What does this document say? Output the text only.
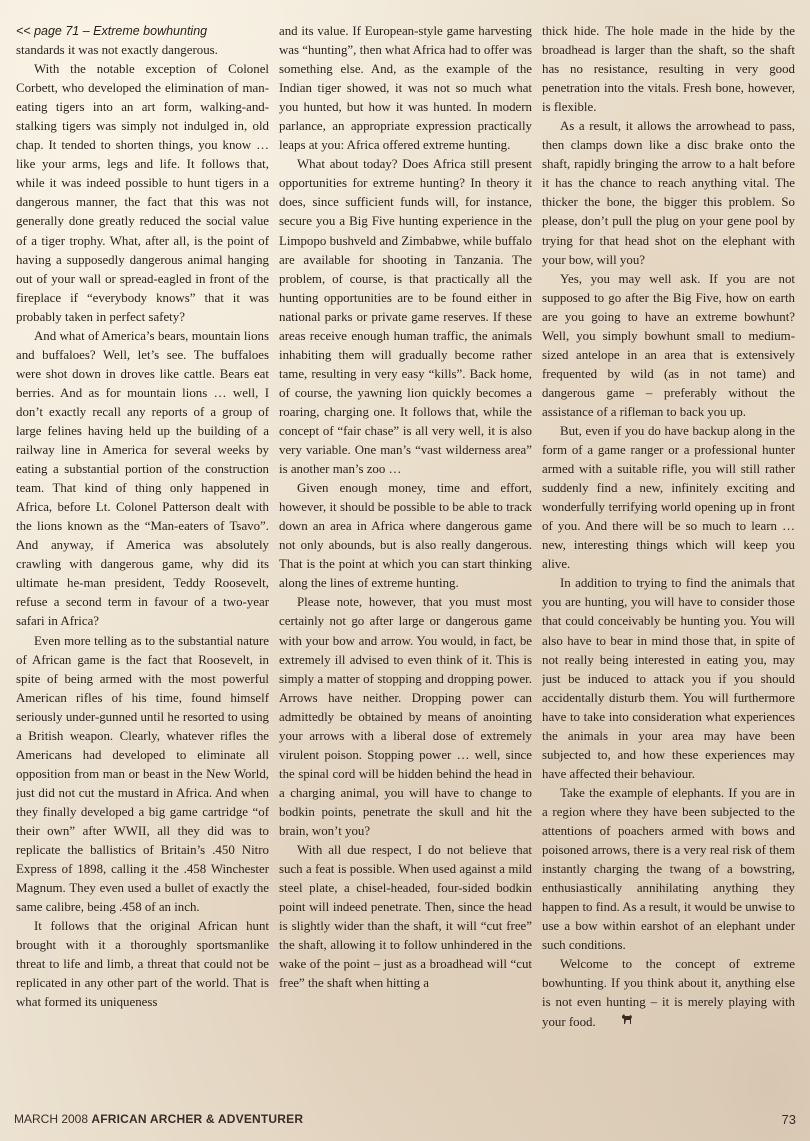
<< page 71 – Extreme bowhunting

standards it was not exactly dangerous.

With the notable exception of Colonel Corbett, who developed the elimination of man-eating tigers into an art form, walking-and-stalking tigers was simply not indulged in, old chap. It tended to shorten things, you know … like your arms, legs and life. It follows that, while it was indeed possible to hunt tigers in a dangerous manner, the fact that this was not generally done greatly reduced the social value of a tiger trophy. What, after all, is the point of having a supposedly dangerous animal hanging out of your wall or spread-eagled in front of the fireplace if “everybody knows” that it was probably taken in perfect safety?

And what of America’s bears, mountain lions and buffaloes? Well, let’s see. The buffaloes were shot down in droves like cattle. Bears eat berries. And as for mountain lions … well, I don’t exactly recall any reports of a group of large felines having held up the building of a railway line in America for several weeks by eating a substantial portion of the construction team. That kind of thing only happened in Africa, before Lt. Colonel Patterson dealt with the lions known as the “Man-eaters of Tsavo”. And anyway, if America was absolutely crawling with dangerous game, why did its ultimate he-man president, Teddy Roosevelt, refuse a second term in favour of a two-year safari in Africa?

Even more telling as to the substantial nature of African game is the fact that Roosevelt, in spite of being armed with the most powerful American rifles of his time, found himself seriously under-gunned until he resorted to using a British weapon. Clearly, whatever rifles the Americans had developed to eliminate all opposition from man or beast in the New World, just did not cut the mustard in Africa. And when they finally developed a big game cartridge “of their own” after WWII, all they did was to replicate the ballistics of Britain’s .450 Nitro Express of 1898, calling it the .458 Winchester Magnum. They even used a bullet of exactly the same calibre, being .458 of an inch.

It follows that the original African hunt brought with it a thoroughly sportsmanlike threat to life and limb, a threat that could not be replicated in any other part of the world. That is what formed its uniqueness

and its value. If European-style game harvesting was “hunting”, then what Africa had to offer was something else. And, as the example of the Indian tiger showed, it was not so much what you hunted, but how it was hunted. In modern parlance, an appropriate expression practically leaps at you: Africa offered extreme hunting.

What about today? Does Africa still present opportunities for extreme hunting? In theory it does, since sufficient funds will, for instance, secure you a Big Five hunting experience in the Limpopo bushveld and Zimbabwe, while buffalo are available for shooting in Tanzania. The problem, of course, is that practically all the hunting opportunities are to be found either in national parks or private game reserves. If these areas receive enough human traffic, the animals inhabiting them will gradually become rather tame, resulting in very easy “kills”. Back home, of course, the yawning lion quickly becomes a roaring, charging one. It follows that, while the concept of “fair chase” is all very well, it is also very variable. One man’s “vast wilderness area” is another man’s zoo …

Given enough money, time and effort, however, it should be possible to be able to track down an area in Africa where dangerous game not only abounds, but is also really dangerous. That is the point at which you can start thinking along the lines of extreme hunting.

Please note, however, that you must most certainly not go after large or dangerous game with your bow and arrow. You would, in fact, be extremely ill advised to even think of it. This is simply a matter of stopping and dropping power. Arrows have neither. Dropping power can admittedly be obtained by means of anointing your arrows with a liberal dose of extremely virulent poison. Stopping power … well, since the spinal cord will be hidden behind the head in a charging animal, you will have to change to bodkin points, penetrate the skull and hit the brain, won’t you?

With all due respect, I do not believe that such a feat is possible. When used against a mild steel plate, a chisel-headed, four-sided bodkin point will indeed penetrate. Then, since the head is slightly wider than the shaft, it will “cut free” the shaft, allowing it to follow unhindered in the wake of the point – just as a broadhead will “cut free” the shaft when hitting a

thick hide. The hole made in the hide by the broadhead is larger than the shaft, so the shaft has no resistance, resulting in very good penetration into the vitals. Fresh bone, however, is flexible.

As a result, it allows the arrowhead to pass, then clamps down like a disc brake onto the shaft, rapidly bringing the arrow to a halt before it has the chance to reach anything vital. The thicker the bone, the bigger this problem. So please, don’t pull the plug on your gene pool by trying for that head shot on the elephant with your bow, will you?

Yes, you may well ask. If you are not supposed to go after the Big Five, how on earth are you going to have an extreme bowhunt? Well, you simply bowhunt small to medium-sized antelope in an area that is extensively frequented by wild (as in not tame) and dangerous game – preferably without the assistance of a rifleman to back you up.

But, even if you do have backup along in the form of a game ranger or a professional hunter armed with a suitable rifle, you will still rather suddenly find a new, infinitely exciting and wonderfully terrifying world opening up in front of you. And there will be so much to learn … new, interesting things which will keep you alive.

In addition to trying to find the animals that you are hunting, you will have to consider those that could conceivably be hunting you. You will also have to bear in mind those that, in spite of not really being interested in eating you, may just be induced to attack you if you should accidentally disturb them. You will furthermore have to take into consideration what experiences the animals in your area may have been subjected to, and how these experiences may have affected their behaviour.

Take the example of elephants. If you are in a region where they have been subjected to the attentions of poachers armed with bows and poisoned arrows, there is a very real risk of them instantly charging the twang of a bowstring, enthusiastically annihilating anything they happen to find. As a result, it would be unwise to use a bow within earshot of an elephant under such conditions.

Welcome to the concept of extreme bowhunting. If you think about it, anything else is not even hunting – it is merely playing with your food.

MARCH 2008 AFRICAN ARCHER & ADVENTURER	73
